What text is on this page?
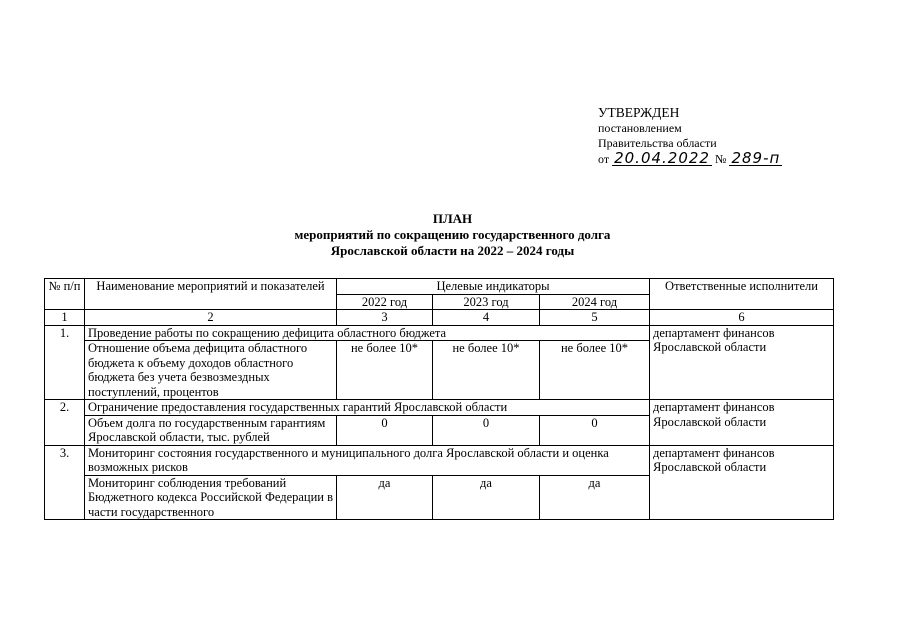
УТВЕРЖДЕН
постановлением
Правительства области
от 20.04.2022 № 289-п
ПЛАН
мероприятий по сокращению государственного долга
Ярославской области на 2022 – 2024 годы
№ п/п	Наименование мероприятий и показателей	Целевые индикаторы			Ответственные исполнители
		2022 год	2023 год	2024 год	
1	2	3	4	5	6
1.	Проведение работы по сокращению дефицита областного бюджета				департамент финансов Ярославской области
	Отношение объема дефицита областного бюджета к объему доходов областного бюджета без учета безвозмездных поступлений, процентов	не более 10*	не более 10*	не более 10*	
2.	Ограничение предоставления государственных гарантий Ярославской области				департамент финансов Ярославской области
	Объем долга по государственным гарантиям Ярославской области, тыс. рублей	0	0	0	
3.	Мониторинг состояния государственного и муниципального долга Ярославской области и оценка возможных рисков				департамент финансов Ярославской области
	Мониторинг соблюдения требований Бюджетного кодекса Российской Федерации в части государственного	да	да	да	
